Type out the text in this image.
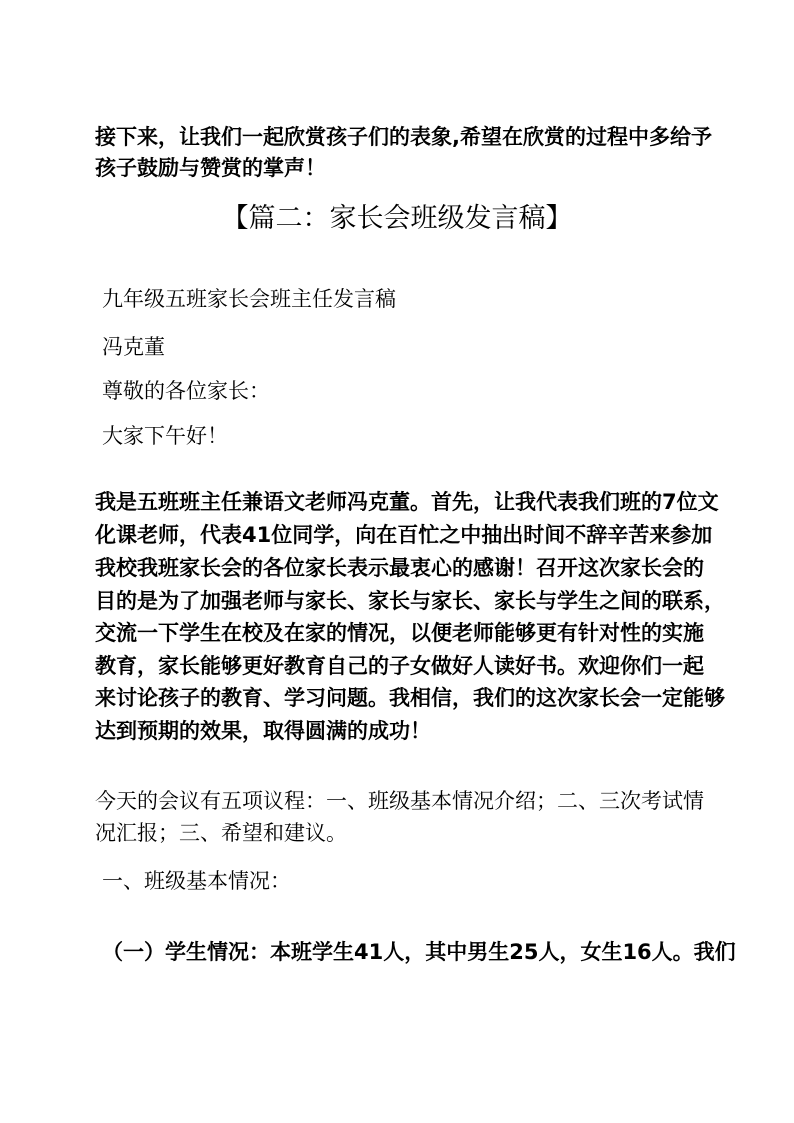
接下来，让我们一起欣赏孩子们的表象,希望在欣赏的过程中多给予

孩子鼓励与赞赏的掌声！

【篇二：家长会班级发言稿】

九年级五班家长会班主任发言稿

冯克董

尊敬的各位家长：

大家下午好！

我是五班班主任兼语文老师冯克董。首先，让我代表我们班的7位文

化课老师，代表41位同学，向在百忙之中抽出时间不辞辛苦来参加

我校我班家长会的各位家长表示最衷心的感谢！召开这次家长会的

目的是为了加强老师与家长、家长与家长、家长与学生之间的联系，

交流一下学生在校及在家的情况，以便老师能够更有针对性的实施

教育，家长能够更好教育自己的子女做好人读好书。欢迎你们一起

来讨论孩子的教育、学习问题。我相信，我们的这次家长会一定能够

达到预期的效果，取得圆满的成功！

今天的会议有五项议程：一、班级基本情况介绍；二、三次考试情

况汇报；三、希望和建议。

一、班级基本情况：

（一）学生情况：本班学生41人，其中男生25人，女生16人。我们
